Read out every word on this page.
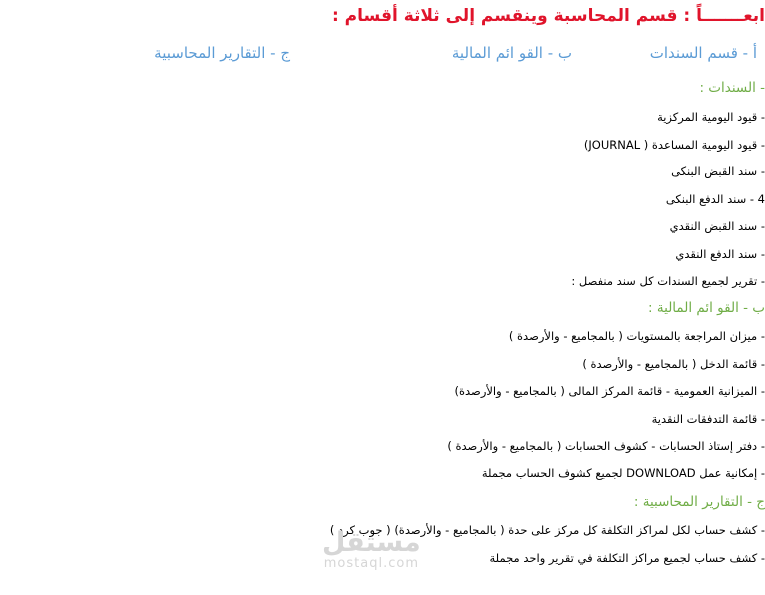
ابعـــــــاً : قسم المحاسبة وينقسم إلى ثلاثة أقسام :
أ - قسم السندات
ب - القو ائم المالية
ج - التقارير المحاسبية
- السندات :
- قيود اليومية المركزية
- قيود اليومية المساعدة ( JOURNAL)
- سند القبض البنكى
4 - سند الدفع البنكى
- سند القبض النقدي
- سند الدفع النقدي
- تقرير لجميع السندات كل سند منفصل :
ب - القو ائم المالية :
- ميزان المراجعة بالمستويات ( بالمجاميع - والأرصدة )
- قائمة الدخل ( بالمجاميع - والأرصدة )
- الميزانية العمومية - قائمة المركز المالى ( بالمجاميع - والأرصدة)
- قائمة التدفقات النقدية
- دفتر إستاذ الحسابات - كشوف الحسابات ( بالمجاميع - والأرصدة )
- إمكانية عمل DOWNLOAD لجميع كشوف الحساب مجملة
ج - التقارير المحاسبية :
- كشف حساب لكل لمراكز التكلفة كل مركز على حدة ( بالمجاميع - والأرصدة) ( جوب كرد )
- كشف حساب لجميع مراكز التكلفة في تقرير واحد مجملة
مستقل
mostaql.com
